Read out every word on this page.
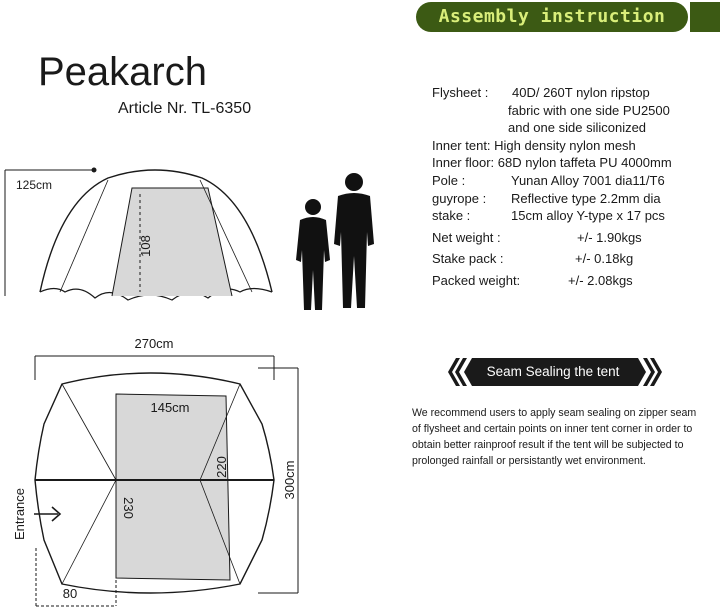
Assembly instruction
Peakarch
Article Nr. TL-6350
Flysheet : 40D/ 260T nylon ripstop
fabric with one side PU2500
and one side siliconized
Inner tent: High density nylon mesh
Inner floor: 68D nylon taffeta PU 4000mm
Pole :	Yunan Alloy 7001 dia11/T6
guyrope : Reflective type 2.2mm dia
stake :	15cm alloy Y-type x 17 pcs
Net weight :	+/- 1.90kgs
Stake pack :	+/- 0.18kg
Packed weight:	+/- 2.08kgs
125cm
108
270cm
145cm
300cm
220
230
Entrance
80
Seam Sealing the tent
We recommend users to apply seam sealing on zipper seam
of flysheet and certain points on inner tent corner in order to
obtain better rainproof result if the tent will be subjected to
prolonged rainfall or persistantly wet environment.
